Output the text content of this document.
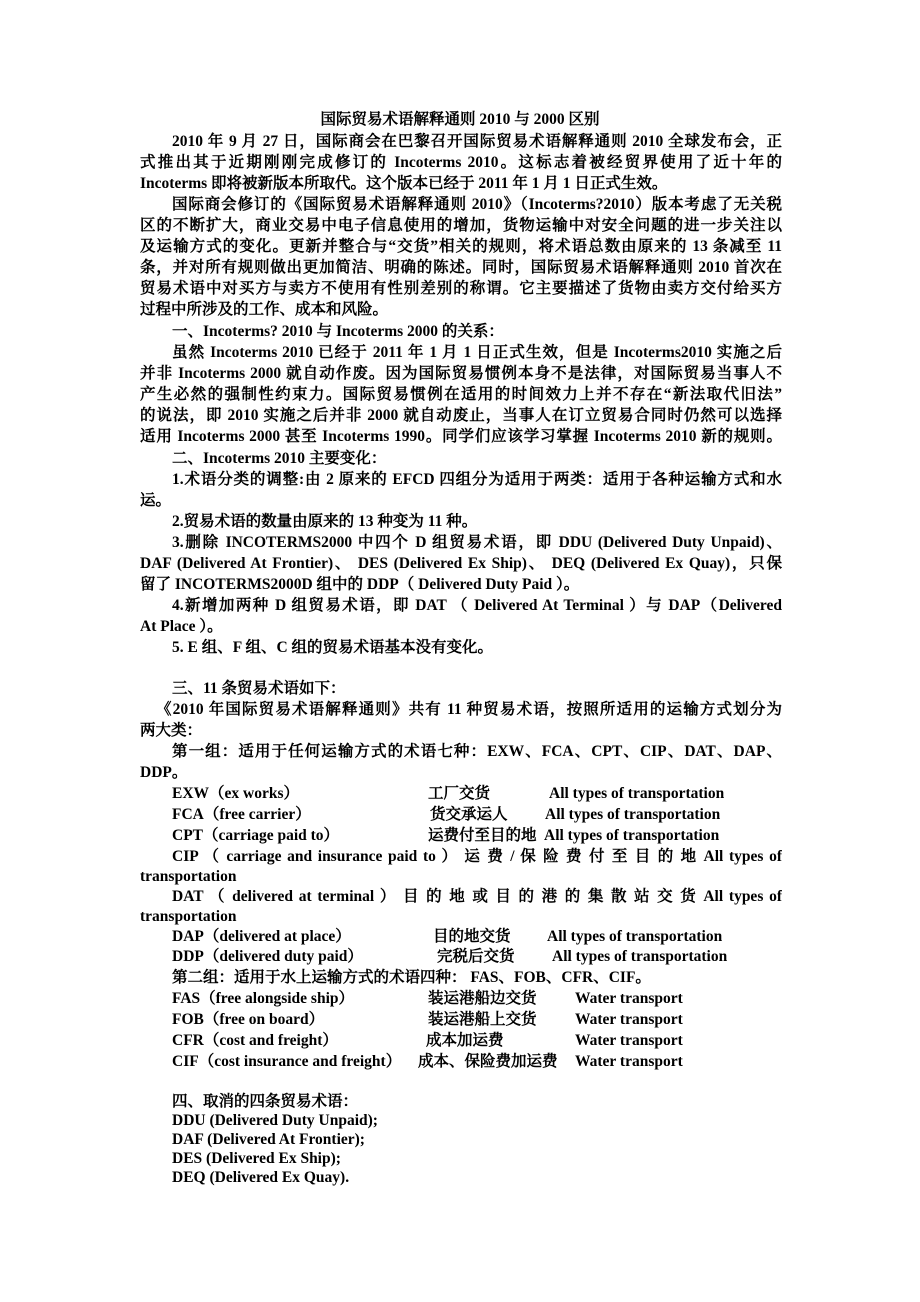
国际贸易术语解释通则 2010 与 2000 区别
2010 年 9 月 27 日，国际商会在巴黎召开国际贸易术语解释通则 2010 全球发布会，正
式推出其于近期刚刚完成修订的 Incoterms 2010。这标志着被经贸界使用了近十年的
Incoterms 即将被新版本所取代。这个版本已经于 2011 年 1 月 1 日正式生效。
国际商会修订的《国际贸易术语解释通则 2010》（Incoterms?2010）版本考虑了无关税
区的不断扩大，商业交易中电子信息使用的增加，货物运输中对安全问题的进一步关注以
及运输方式的变化。更新并整合与“交货”相关的规则，将术语总数由原来的 13 条减至 11
条，并对所有规则做出更加简洁、明确的陈述。同时，国际贸易术语解释通则 2010 首次在
贸易术语中对买方与卖方不使用有性别差别的称谓。它主要描述了货物由卖方交付给买方
过程中所涉及的工作、成本和风险。
一、Incoterms? 2010 与 Incoterms 2000 的关系：
虽然 Incoterms 2010 已经于 2011 年 1 月 1 日正式生效，但是 Incoterms2010 实施之后
并非 Incoterms 2000 就自动作废。因为国际贸易惯例本身不是法律，对国际贸易当事人不
产生必然的强制性约束力。国际贸易惯例在适用的时间效力上并不存在“新法取代旧法”
的说法，即 2010 实施之后并非 2000 就自动废止，当事人在订立贸易合同时仍然可以选择
适用 Incoterms 2000 甚至 Incoterms 1990。同学们应该学习掌握 Incoterms 2010 新的规则。
二、Incoterms 2010 主要变化：
1.术语分类的调整:由 2 原来的 EFCD 四组分为适用于两类：适用于各种运输方式和水
运。
2.贸易术语的数量由原来的 13 种变为 11 种。
3.删除 INCOTERMS2000 中四个 D 组贸易术语，即 DDU (Delivered Duty Unpaid)、
DAF (Delivered At Frontier)、 DES (Delivered Ex Ship)、 DEQ (Delivered Ex Quay)，只保
留了 INCOTERMS2000D 组中的 DDP（ Delivered Duty Paid ）。
4.新增加两种 D 组贸易术语，即 DAT （ Delivered At Terminal ）与 DAP（Delivered
At Place ）。
5. E 组、F 组、C 组的贸易术语基本没有变化。
三、11 条贸易术语如下：
《2010 年国际贸易术语解释通则》共有 11 种贸易术语，按照所适用的运输方式划分为
两大类：
第一组：适用于任何运输方式的术语七种：EXW、FCA、CPT、CIP、DAT、DAP、
DDP。
EXW（ex works）	工厂交货	All types of transportation
FCA（free carrier）	货交承运人 All types of transportation
CPT（carriage paid to）	运费付至目的地 All types of transportation
CIP （ carriage and insurance paid to ） 运 费 / 保 险 费 付 至 目 的 地 All types of
transportation
DAT （ delivered at terminal ） 目 的 地 或 目 的 港 的 集 散 站 交 货 All types of
transportation
DAP（delivered at place）	目的地交货 All types of transportation
DDP（delivered duty paid）	完税后交货 All types of transportation
第二组：适用于水上运输方式的术语四种： FAS、FOB、CFR、CIF。
FAS（free alongside ship）	装运港船边交货 Water transport
FOB（free on board）	装运港船上交货 Water transport
CFR（cost and freight）	成本加运费	Water transport
CIF（cost insurance and freight） 成本、保险费加运费 Water transport
四、取消的四条贸易术语：
DDU (Delivered Duty Unpaid);
DAF (Delivered At Frontier);
DES (Delivered Ex Ship);
DEQ (Delivered Ex Quay).
